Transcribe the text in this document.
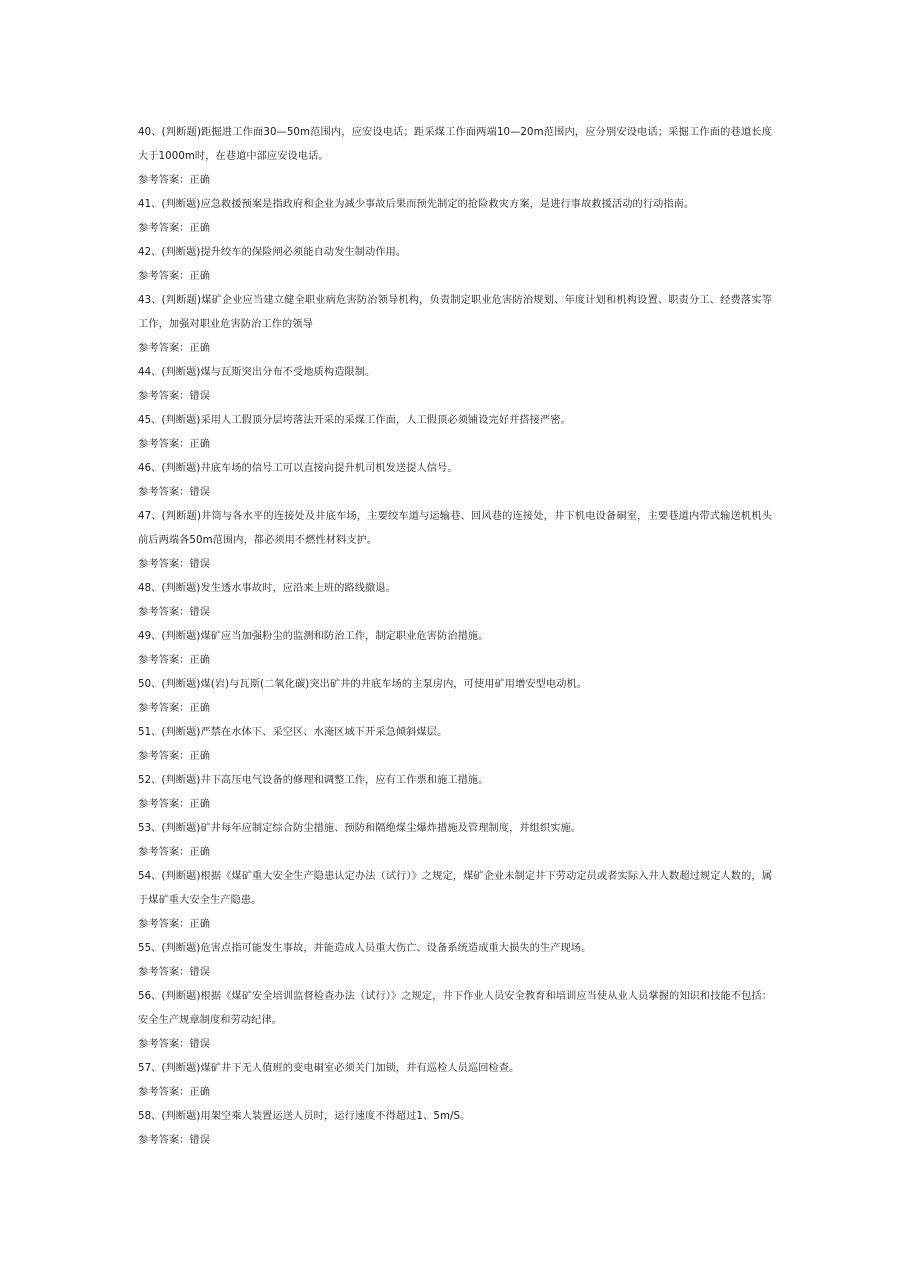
40、(判断题)距掘进工作面30—50m范围内，应安设电话；距采煤工作面两端10—20m范围内，应分别安设电话；采掘工作面的巷道长度大于1000m时，在巷道中部应安设电话。

参考答案：正确

41、(判断题)应急救援预案是指政府和企业为减少事故后果而预先制定的抢险救灾方案，是进行事故救援活动的行动指南。

参考答案：正确

42、(判断题)提升绞车的保险闸必须能自动发生制动作用。

参考答案：正确

43、(判断题)煤矿企业应当建立健全职业病危害防治领导机构，负责制定职业危害防治规划、年度计划和机构设置、职责分工、经费落实等工作，加强对职业危害防治工作的领导

参考答案：正确

44、(判断题)煤与瓦斯突出分布不受地质构造限制。

参考答案：错误

45、(判断题)采用人工假顶分层垮落法开采的采煤工作面，人工假顶必须铺设完好并搭接严密。

参考答案：正确

46、(判断题)井底车场的信号工可以直接向提升机司机发送提人信号。

参考答案：错误

47、(判断题)井筒与各水平的连接处及井底车场，主要绞车道与运输巷、回风巷的连接处，井下机电设备硐室，主要巷道内带式输送机机头前后两端各50m范围内，都必须用不燃性材料支护。

参考答案：错误

48、(判断题)发生透水事故时，应沿来上班的路线撤退。

参考答案：错误

49、(判断题)煤矿应当加强粉尘的监测和防治工作，制定职业危害防治措施。

参考答案：正确

50、(判断题)煤(岩)与瓦斯(二氧化碳)突出矿井的井底车场的主泵房内，可使用矿用增安型电动机。

参考答案：正确

51、(判断题)严禁在水体下、采空区、水淹区域下开采急倾斜煤层。

参考答案：正确

52、(判断题)井下高压电气设备的修理和调整工作，应有工作票和施工措施。

参考答案：正确

53、(判断题)矿井每年应制定综合防尘措施、预防和隔绝煤尘爆炸措施及管理制度，并组织实施。

参考答案：正确

54、(判断题)根据《煤矿重大安全生产隐患认定办法（试行）》之规定，煤矿企业未制定井下劳动定员或者实际入井人数超过规定人数的，属于煤矿重大安全生产隐患。

参考答案：正确

55、(判断题)危害点指可能发生事故，并能造成人员重大伤亡、设备系统造成重大损失的生产现场。

参考答案：错误

56、(判断题)根据《煤矿安全培训监督检查办法（试行）》之规定，井下作业人员安全教育和培训应当使从业人员掌握的知识和技能不包括：安全生产规章制度和劳动纪律。

参考答案：错误

57、(判断题)煤矿井下无人值班的变电硐室必须关门加锁，并有巡检人员巡回检查。

参考答案：正确

58、(判断题)用架空乘人装置运送人员时，运行速度不得超过1、5m/S。

参考答案：错误
